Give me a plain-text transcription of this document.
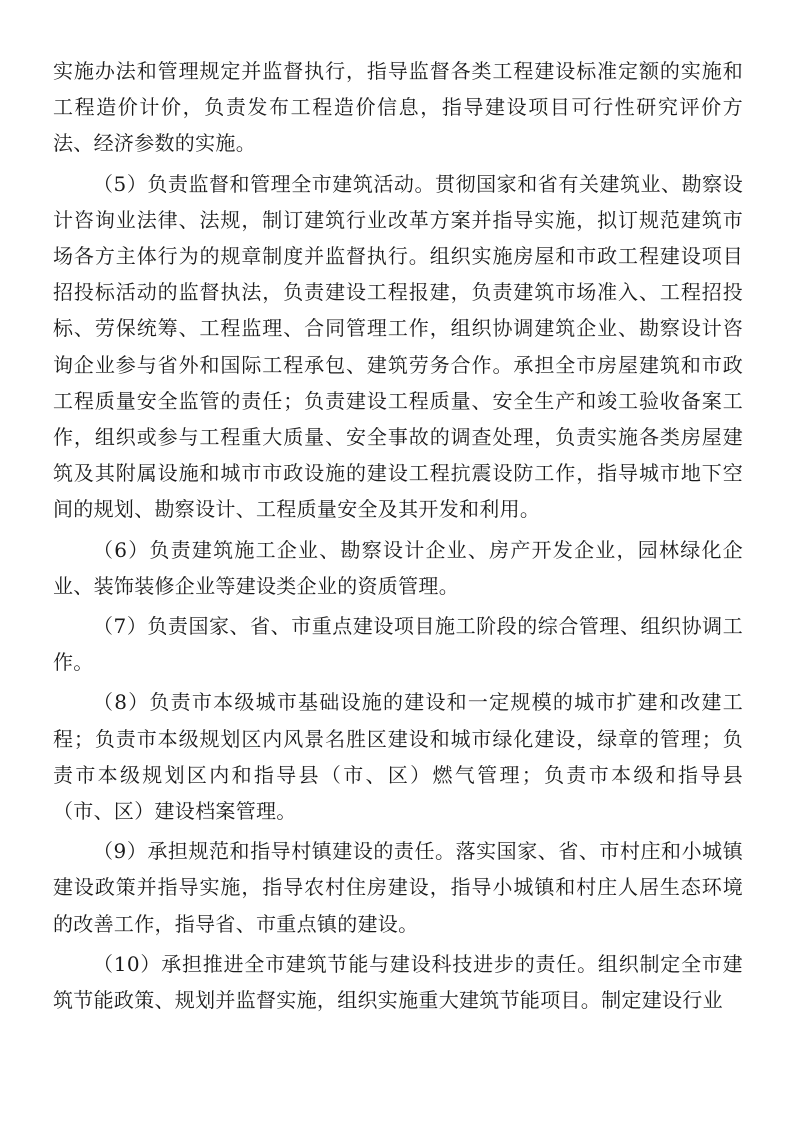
实施办法和管理规定并监督执行，指导监督各类工程建设标准定额的实施和工程造价计价，负责发布工程造价信息，指导建设项目可行性研究评价方法、经济参数的实施。

（5）负责监督和管理全市建筑活动。贯彻国家和省有关建筑业、勘察设计咨询业法律、法规，制订建筑行业改革方案并指导实施，拟订规范建筑市场各方主体行为的规章制度并监督执行。组织实施房屋和市政工程建设项目招投标活动的监督执法，负责建设工程报建，负责建筑市场准入、工程招投标、劳保统筹、工程监理、合同管理工作，组织协调建筑企业、勘察设计咨询企业参与省外和国际工程承包、建筑劳务合作。承担全市房屋建筑和市政工程质量安全监管的责任；负责建设工程质量、安全生产和竣工验收备案工作，组织或参与工程重大质量、安全事故的调查处理，负责实施各类房屋建筑及其附属设施和城市市政设施的建设工程抗震设防工作，指导城市地下空间的规划、勘察设计、工程质量安全及其开发和利用。

（6）负责建筑施工企业、勘察设计企业、房产开发企业，园林绿化企业、装饰装修企业等建设类企业的资质管理。

（7）负责国家、省、市重点建设项目施工阶段的综合管理、组织协调工作。

（8）负责市本级城市基础设施的建设和一定规模的城市扩建和改建工程；负责市本级规划区内风景名胜区建设和城市绿化建设，绿章的管理；负责市本级规划区内和指导县（市、区）燃气管理；负责市本级和指导县（市、区）建设档案管理。

（9）承担规范和指导村镇建设的责任。落实国家、省、市村庄和小城镇建设政策并指导实施，指导农村住房建设，指导小城镇和村庄人居生态环境的改善工作，指导省、市重点镇的建设。

（10）承担推进全市建筑节能与建设科技进步的责任。组织制定全市建筑节能政策、规划并监督实施，组织实施重大建筑节能项目。制定建设行业
